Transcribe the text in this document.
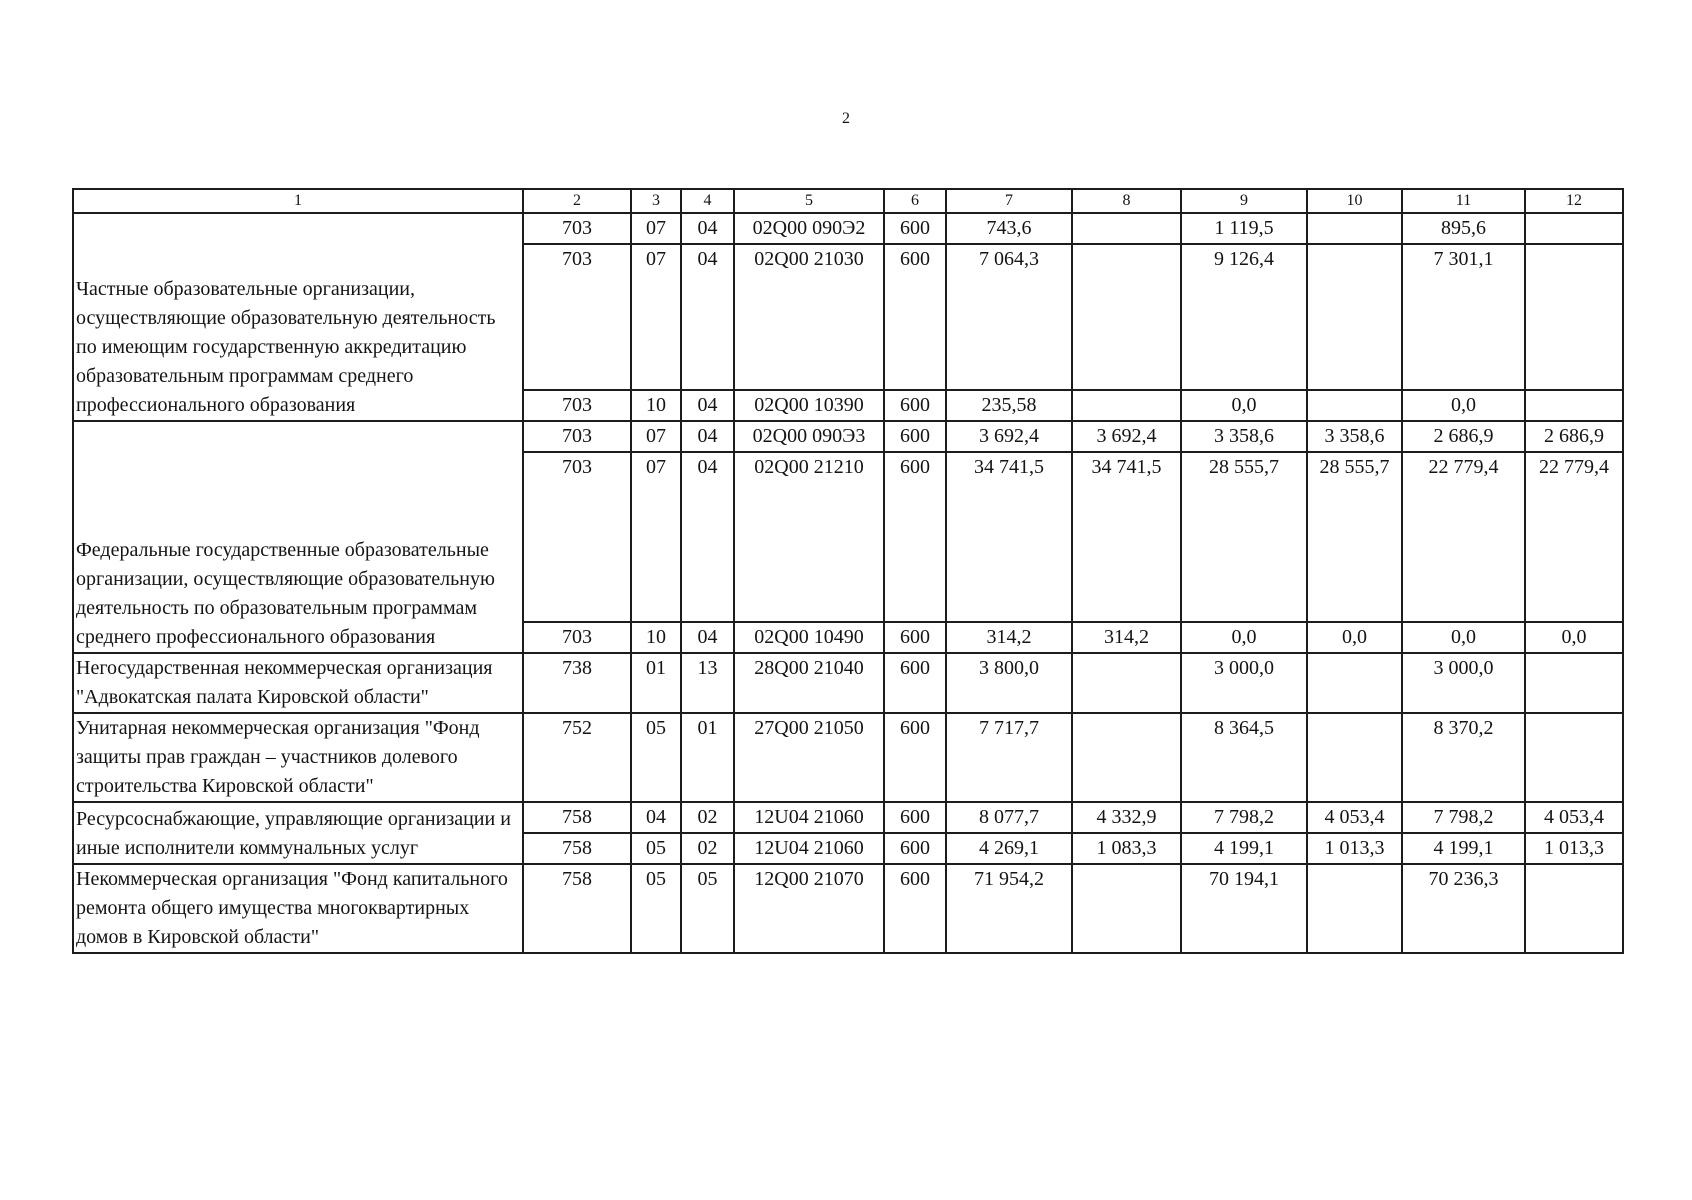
2
1	2	3	4	5	6	7	8	9	10	11	12
Частные образовательные организации, осуществляющие образовательную деятельность по имеющим государственную аккредитацию образовательным программам среднего профессионального образования	703	07	04	02Q00 090Э2	600	743,6		1 119,5		895,6	
	703	07	04	02Q00 21030	600	7 064,3		9 126,4		7 301,1	
	703	10	04	02Q00 10390	600	235,58		0,0		0,0	
Федеральные государственные образовательные организации, осуществляющие образовательную деятельность по образовательным программам среднего профессионального образования	703	07	04	02Q00 090Э3	600	3 692,4	3 692,4	3 358,6	3 358,6	2 686,9	2 686,9
	703	07	04	02Q00 21210	600	34 741,5	34 741,5	28 555,7	28 555,7	22 779,4	22 779,4
	703	10	04	02Q00 10490	600	314,2	314,2	0,0	0,0	0,0	0,0
Негосударственная некоммерческая организация "Адвокатская палата Кировской области"	738	01	13	28Q00 21040	600	3 800,0		3 000,0		3 000,0	
Унитарная некоммерческая организация "Фонд защиты прав граждан – участников долевого строительства Кировской области"	752	05	01	27Q00 21050	600	7 717,7		8 364,5		8 370,2	
Ресурсоснабжающие, управляющие организации и иные исполнители коммунальных услуг	758	04	02	12U04 21060	600	8 077,7	4 332,9	7 798,2	4 053,4	7 798,2	4 053,4
	758	05	02	12U04 21060	600	4 269,1	1 083,3	4 199,1	1 013,3	4 199,1	1 013,3
Некоммерческая организация "Фонд капитального ремонта общего имущества многоквартирных домов в Кировской области"	758	05	05	12Q00 21070	600	71 954,2		70 194,1		70 236,3	
